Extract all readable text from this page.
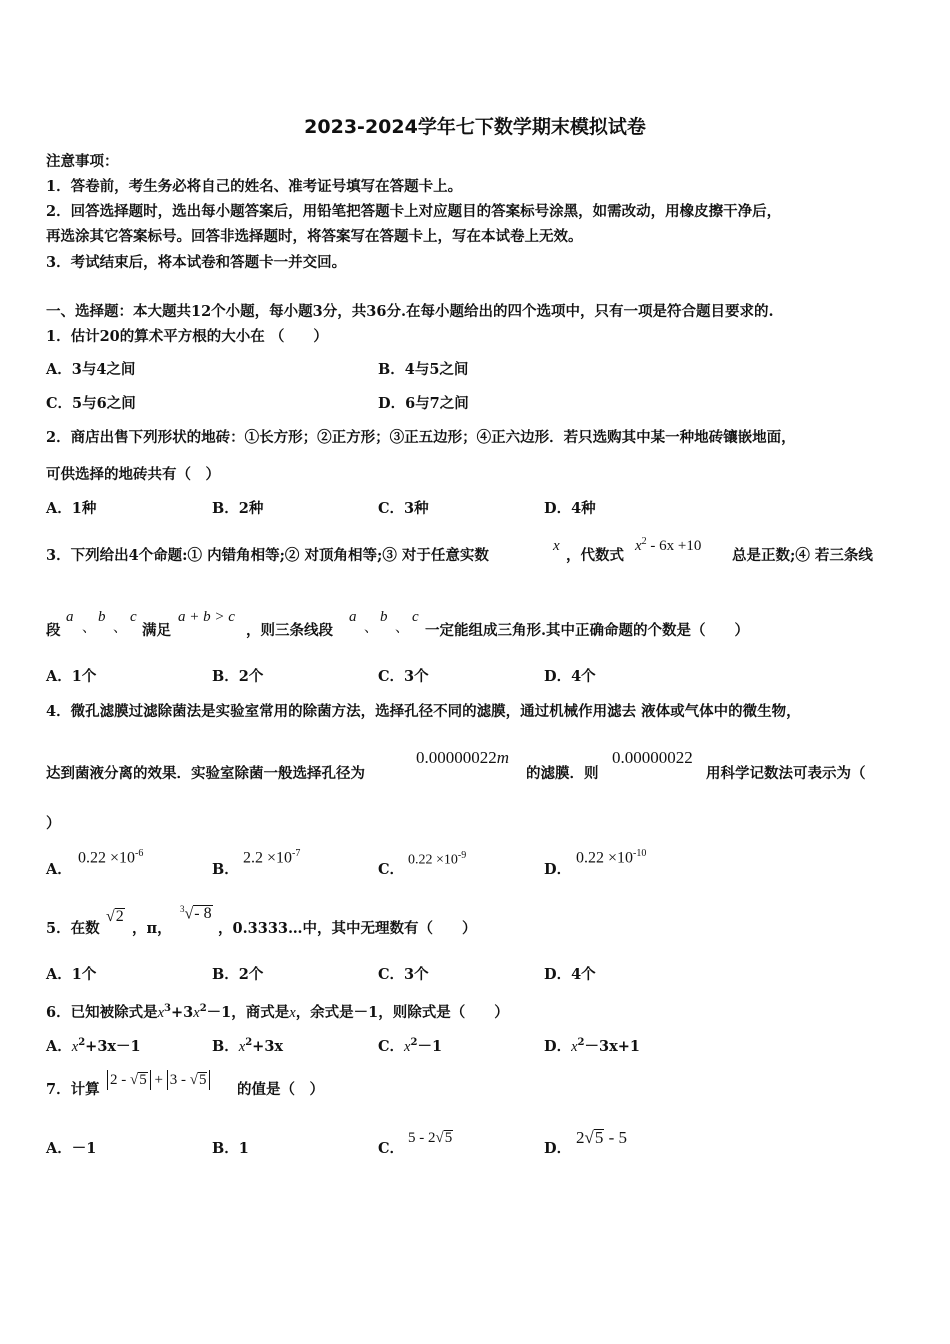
2023-2024学年七下数学期末模拟试卷
注意事项：
1．答卷前，考生务必将自己的姓名、准考证号填写在答题卡上。
2．回答选择题时，选出每小题答案后，用铅笔把答题卡上对应题目的答案标号涂黑，如需改动，用橡皮擦干净后，
再选涂其它答案标号。回答非选择题时，将答案写在答题卡上，写在本试卷上无效。
3．考试结束后，将本试卷和答题卡一并交回。
一、选择题：本大题共12个小题，每小题3分，共36分.在每小题给出的四个选项中，只有一项是符合题目要求的.
1．估计20的算术平方根的大小在 （　　）
A．3与4之间	B．4与5之间
C．5与6之间	D．6与7之间
2．商店出售下列形状的地砖：①长方形；②正方形；③正五边形；④正六边形．若只选购其中某一种地砖镶嵌地面，
可供选择的地砖共有（　）
A．1种	B．2种	C．3种	D．4种
3．下列给出4个命题:① 内错角相等;② 对顶角相等;③ 对于任意实数
x
，代数式
$x^2 - 6x +10$
总是正数;④ 若三条线
段
a
、
b
、
c
满足
a + b > c
，则三条线段
a
、
b
、
c
一定能组成三角形.其中正确命题的个数是（　　）
A．1个	B．2个	C．3个	D．4个
4．微孔滤膜过滤除菌法是实验室常用的除菌方法，选择孔径不同的滤膜，通过机械作用滤去 液体或气体中的微生物，
达到菌液分离的效果．实验室除菌一般选择孔径为
0.00000022m
的滤膜．则
0.00000022
用科学记数法可表示为（
）
A．
$0.22 \times 10^{-6}$
B．
$2.2 \times 10^{-7}$
C．
$0.22 \times 10^{-9}$
D．
$0.22 \times 10^{-10}$
5．在数
√2
，π，
$^3$√- 8
，0.3333…中，其中无理数有（　　）
A．1个	B．2个	C．3个	D．4个
6．已知被除式是$x^3+3x^2-1$，商式是x，余式是－1，则除式是（　　）
A．$x^2+3x-1$	B．$x^2+3x$	C．$x^2-1$	D．$x^2-3x+1$
7．计算
2 - √5 + 3 - √5
的值是（　）
A．－1	B．1	C．
5 - 2√5
D．
2√5 - 5
